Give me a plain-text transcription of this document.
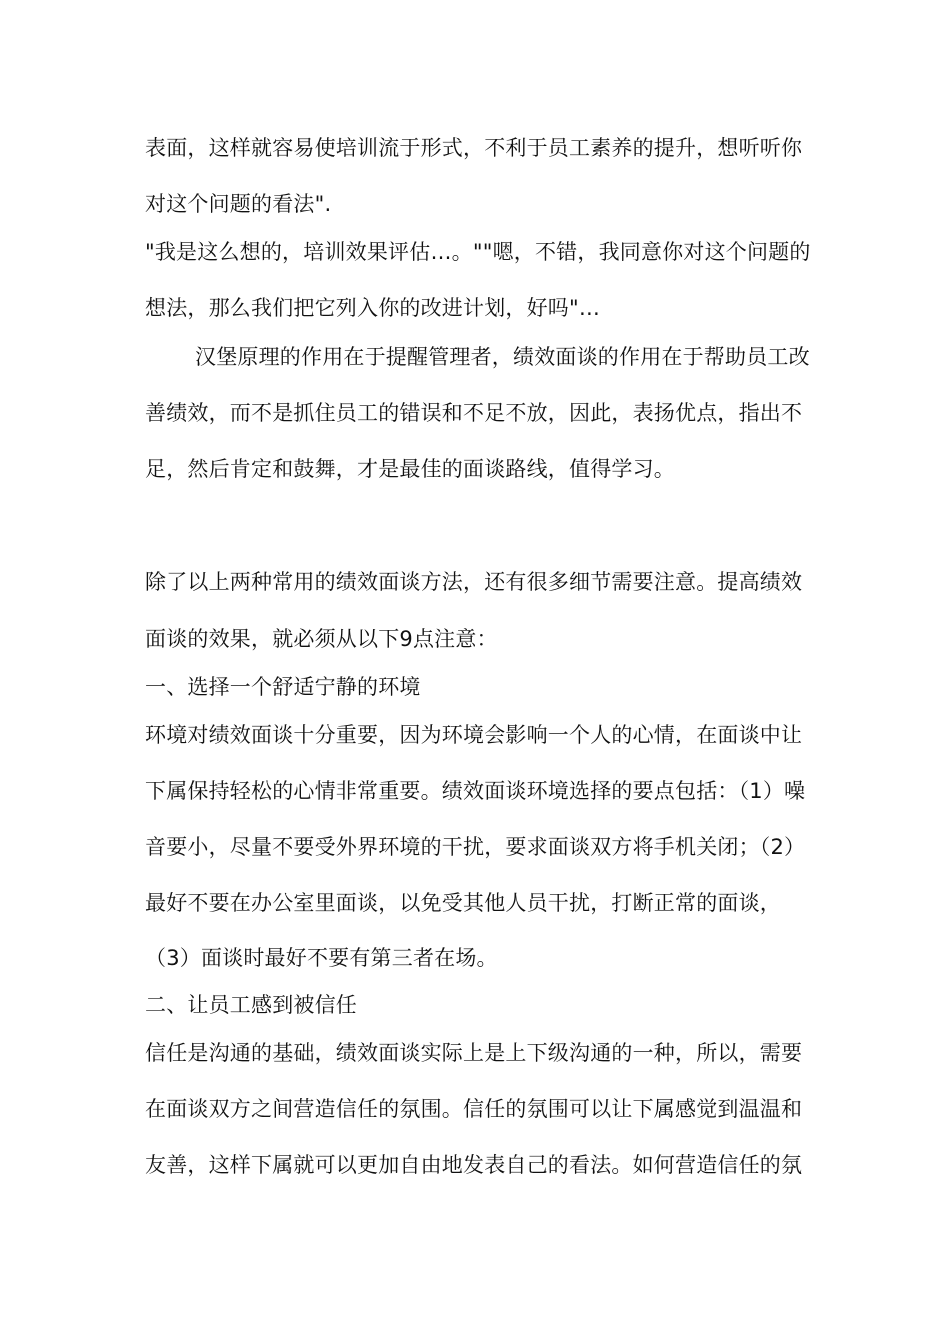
表面，这样就容易使培训流于形式，不利于员工素养的提升，想听听你
对这个问题的看法".
"我是这么想的，培训效果评估…。""嗯，不错，我同意你对这个问题的
想法，那么我们把它列入你的改进计划，好吗"…
汉堡原理的作用在于提醒管理者，绩效面谈的作用在于帮助员工改
善绩效，而不是抓住员工的错误和不足不放，因此，表扬优点，指出不
足，然后肯定和鼓舞，才是最佳的面谈路线，值得学习。
除了以上两种常用的绩效面谈方法，还有很多细节需要注意。提高绩效
面谈的效果，就必须从以下9点注意：
一、选择一个舒适宁静的环境
环境对绩效面谈十分重要，因为环境会影响一个人的心情，在面谈中让
下属保持轻松的心情非常重要。绩效面谈环境选择的要点包括：（1）噪
音要小，尽量不要受外界环境的干扰，要求面谈双方将手机关闭；（2）
最好不要在办公室里面谈，以免受其他人员干扰，打断正常的面谈，
（3）面谈时最好不要有第三者在场。
二、让员工感到被信任
信任是沟通的基础，绩效面谈实际上是上下级沟通的一种，所以，需要
在面谈双方之间营造信任的氛围。信任的氛围可以让下属感觉到温温和
友善，这样下属就可以更加自由地发表自己的看法。如何营造信任的氛
